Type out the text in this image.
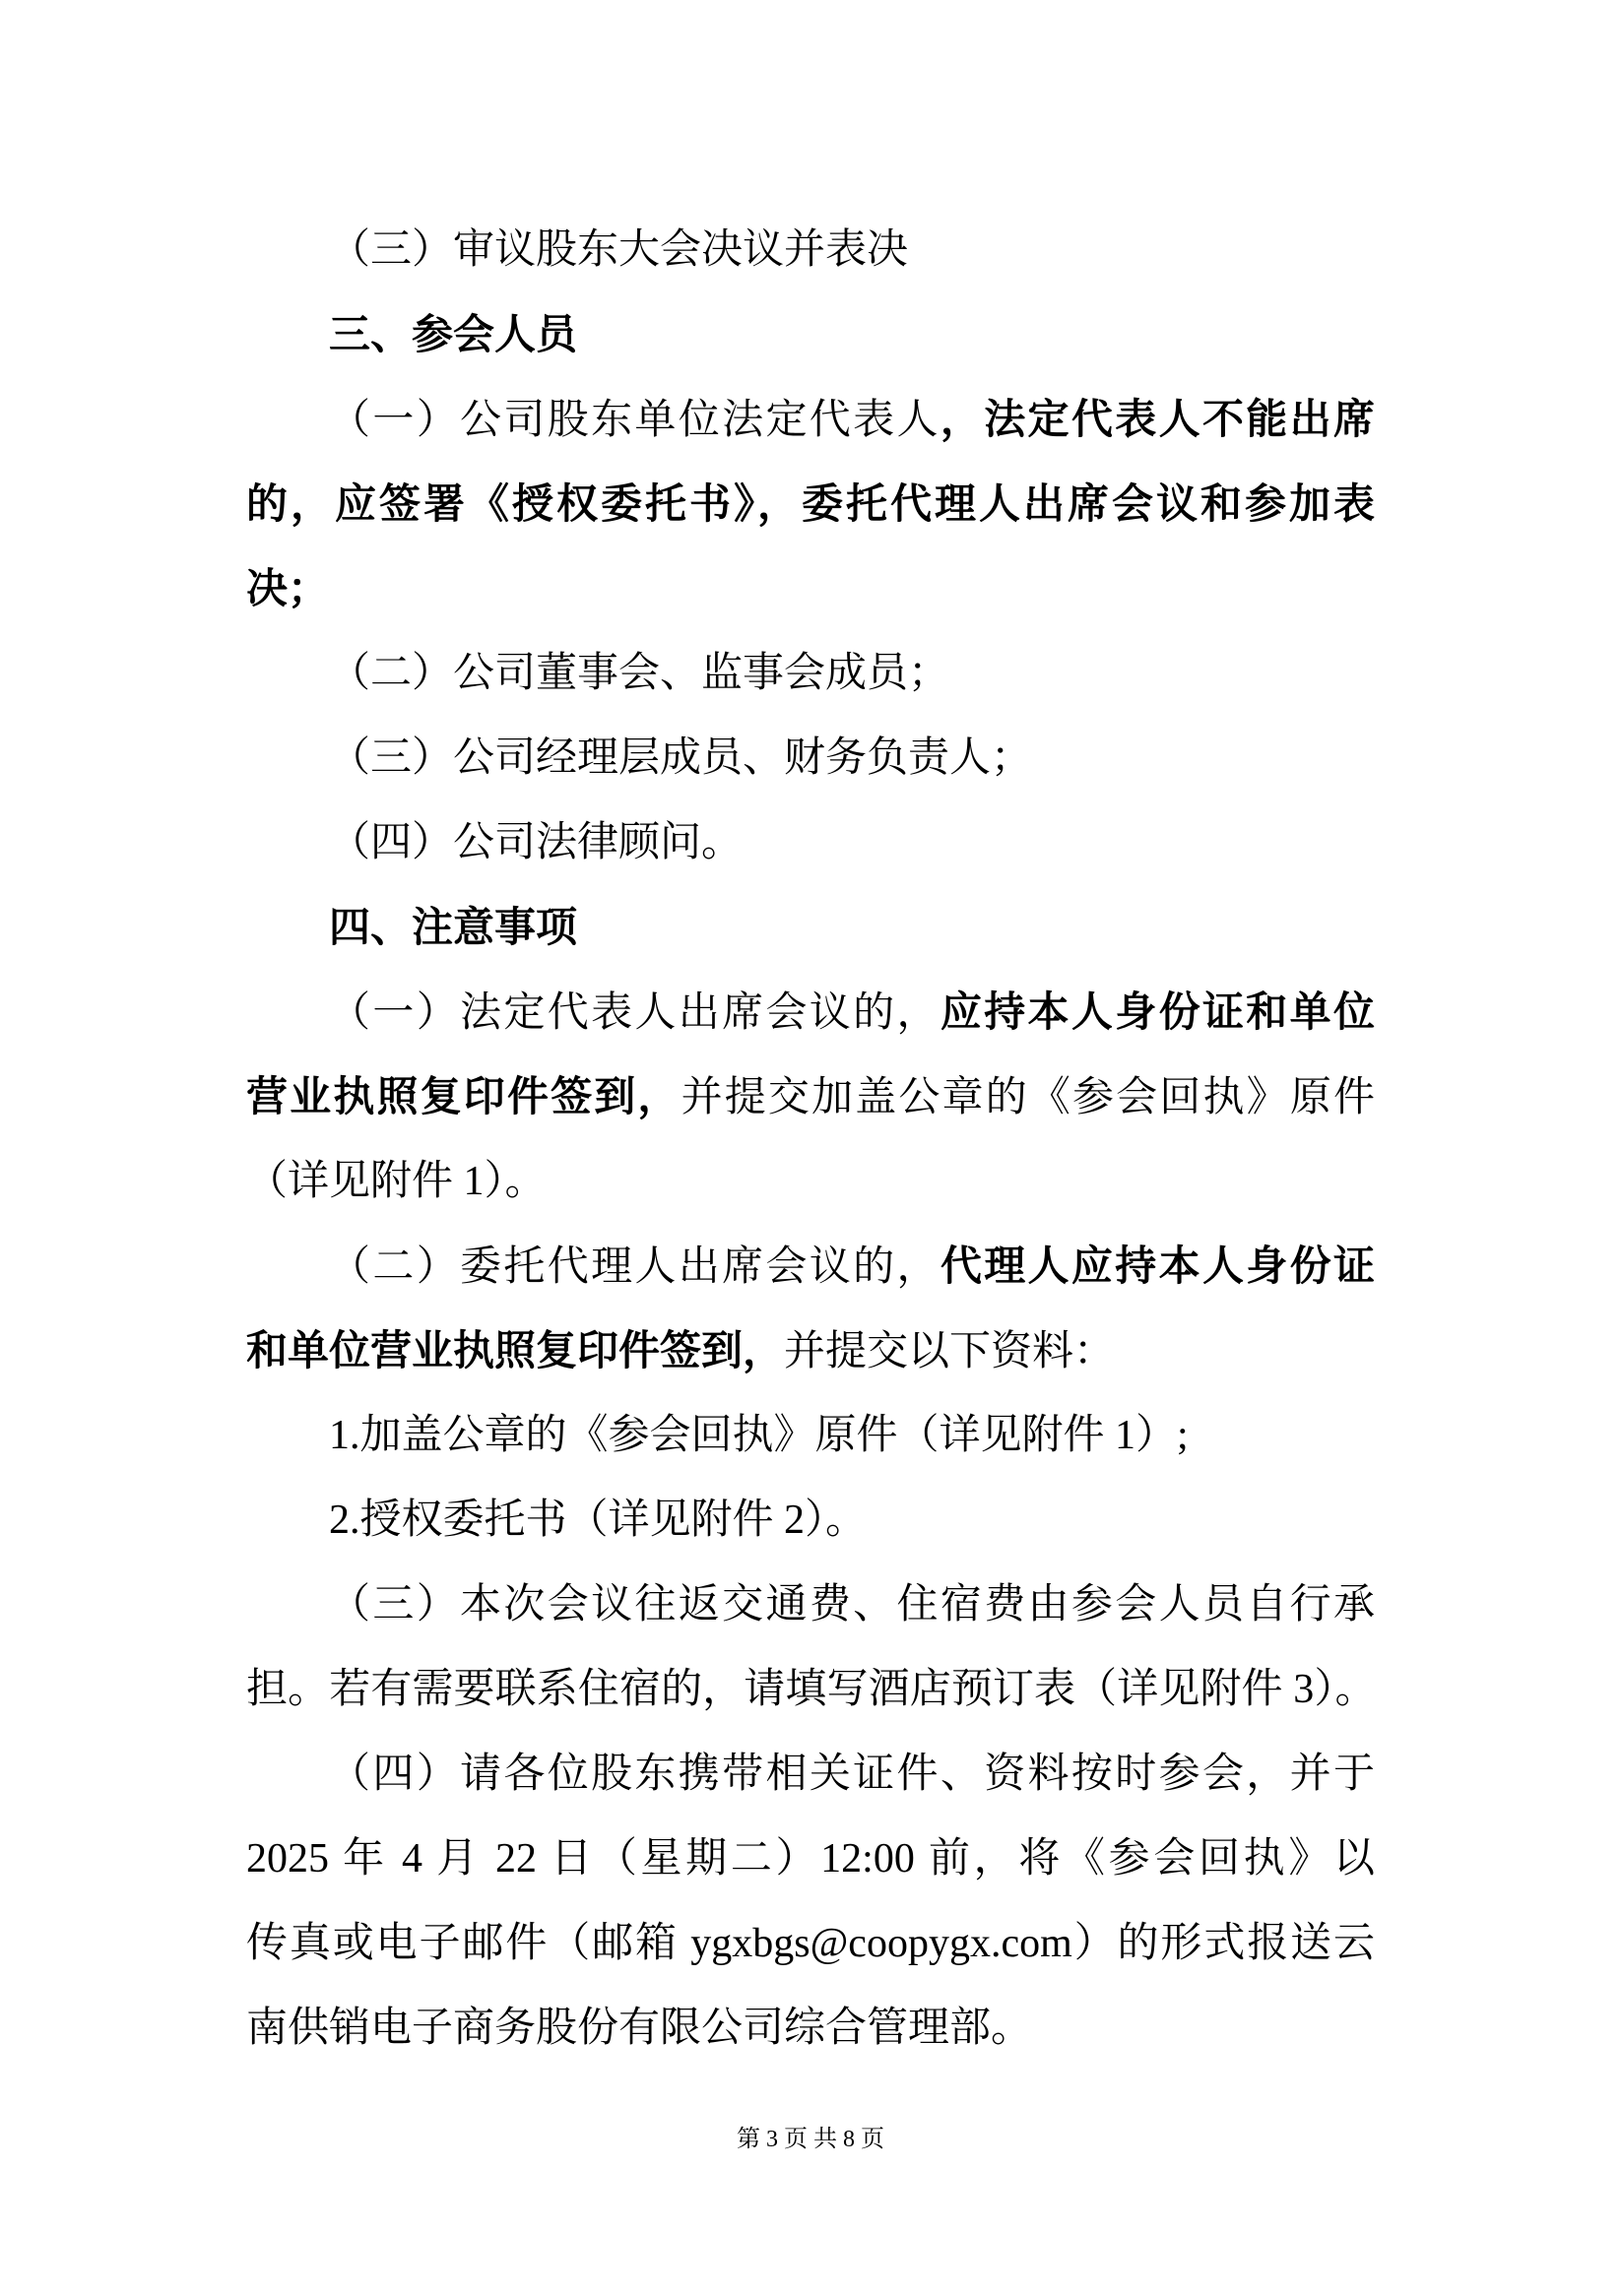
（三）审议股东大会决议并表决
三、参会人员
（一）公司股东单位法定代表人，法定代表人不能出席
的，应签署《授权委托书》，委托代理人出席会议和参加表
决；
（二）公司董事会、监事会成员；
（三）公司经理层成员、财务负责人；
（四）公司法律顾问。
四、注意事项
（一）法定代表人出席会议的，应持本人身份证和单位
营业执照复印件签到，并提交加盖公章的《参会回执》原件
（详见附件 1）。
（二）委托代理人出席会议的，代理人应持本人身份证
和单位营业执照复印件签到，并提交以下资料：
1.加盖公章的《参会回执》原件（详见附件 1）;
2.授权委托书（详见附件 2）。
（三）本次会议往返交通费、住宿费由参会人员自行承
担。若有需要联系住宿的，请填写酒店预订表（详见附件 3）。
（四）请各位股东携带相关证件、资料按时参会，并于
2025 年 4 月 22 日（星期二）12:00 前，将《参会回执》以
传真或电子邮件（邮箱 ygxbgs@coopygx.com）的形式报送云
南供销电子商务股份有限公司综合管理部。
第 3 页 共 8 页
